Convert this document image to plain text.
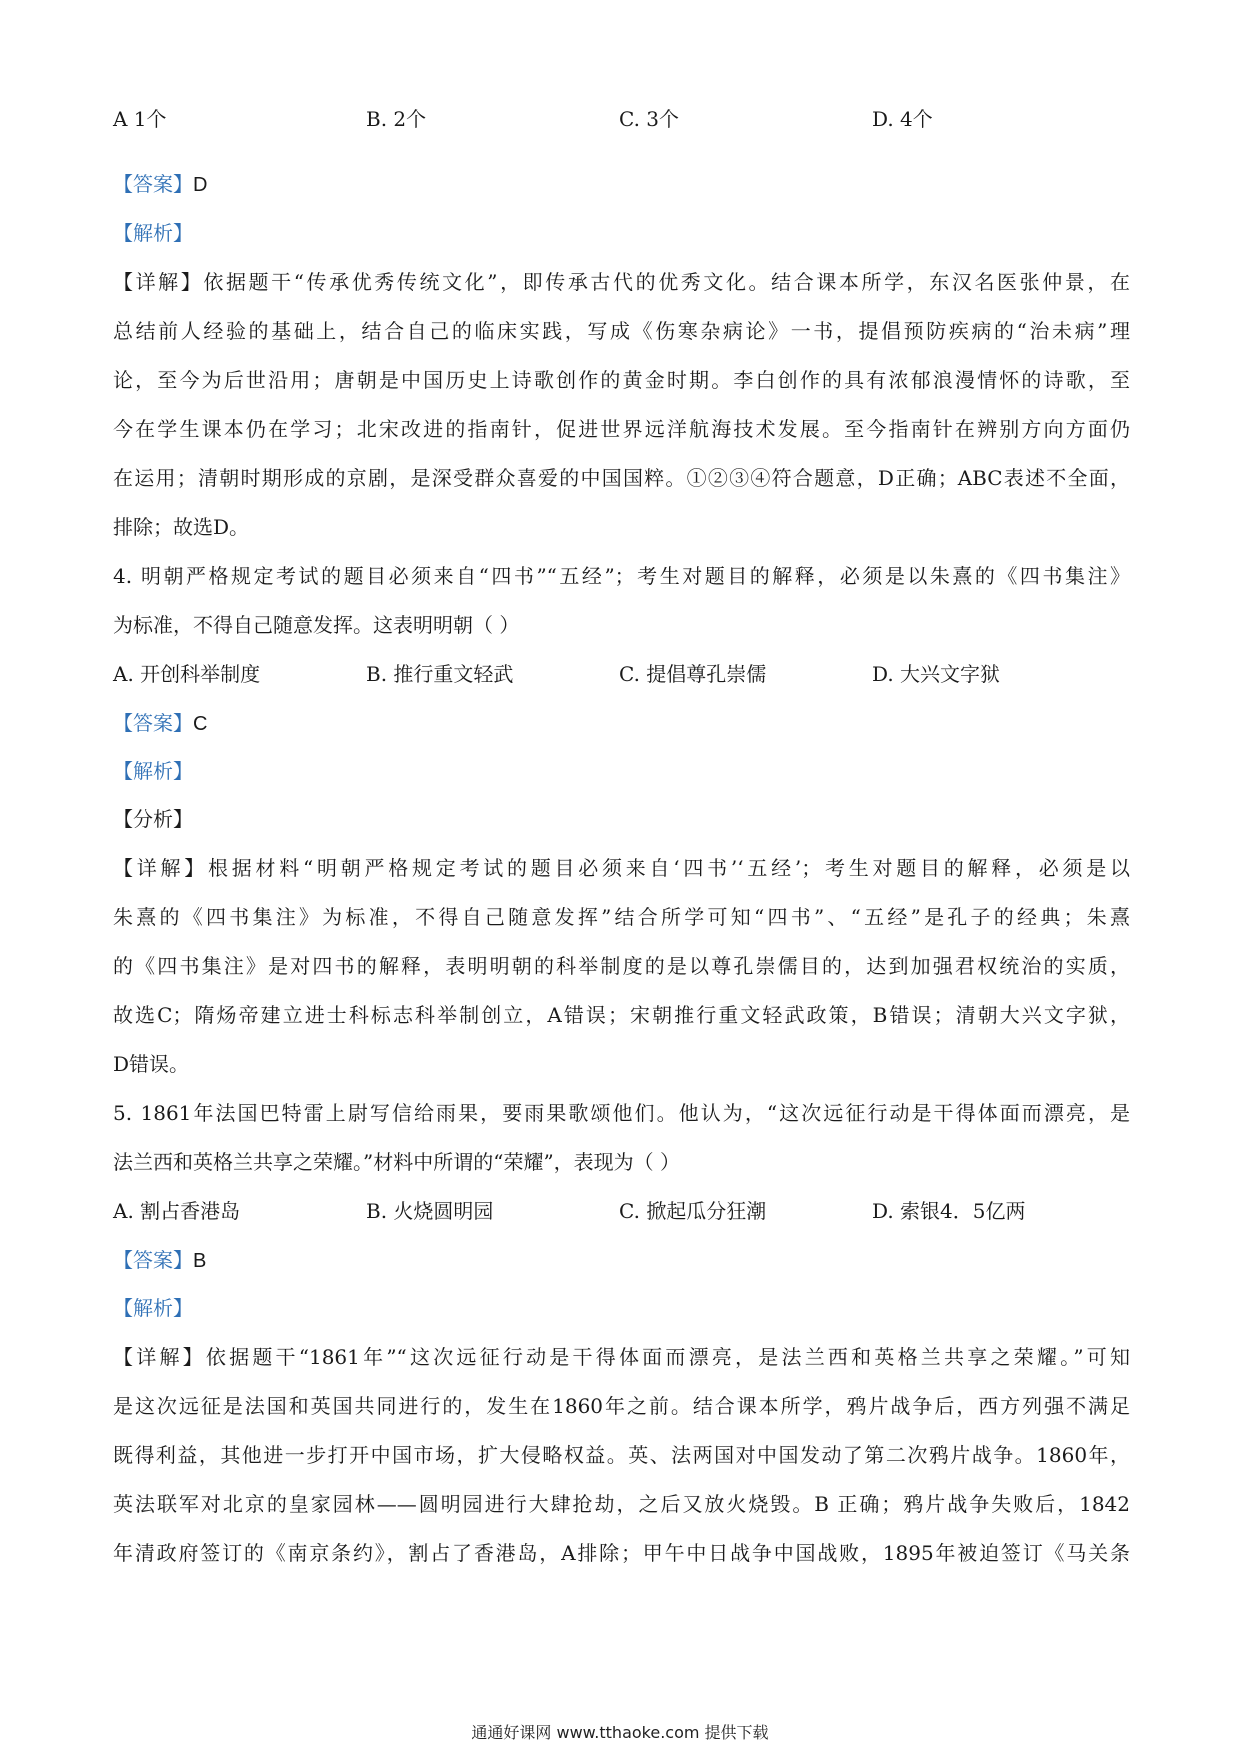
A 1个	B. 2个	C. 3个	D. 4个
【答案】D
【解析】
【详解】依据题干“传承优秀传统文化”，即传承古代的优秀文化。结合课本所学，东汉名医张仲景，在
总结前人经验的基础上，结合自己的临床实践，写成《伤寒杂病论》一书，提倡预防疾病的“治未病”理
论，至今为后世沿用；唐朝是中国历史上诗歌创作的黄金时期。李白创作的具有浓郁浪漫情怀的诗歌，至
今在学生课本仍在学习；北宋改进的指南针，促进世界远洋航海技术发展。至今指南针在辨别方向方面仍
在运用；清朝时期形成的京剧，是深受群众喜爱的中国国粹。①②③④符合题意，D正确；ABC表述不全面，
排除；故选D。
4. 明朝严格规定考试的题目必须来自“四书”“五经”；考生对题目的解释，必须是以朱熹的《四书集注》
为标准，不得自己随意发挥。这表明明朝（ ）
A. 开创科举制度	B. 推行重文轻武	C. 提倡尊孔崇儒	D. 大兴文字狱
【答案】C
【解析】
【分析】
【详解】根据材料“明朝严格规定考试的题目必须来自‘四书’‘五经’；考生对题目的解释，必须是以
朱熹的《四书集注》为标准，不得自己随意发挥”结合所学可知“四书”、“五经”是孔子的经典；朱熹
的《四书集注》是对四书的解释，表明明朝的科举制度的是以尊孔崇儒目的，达到加强君权统治的实质，
故选C；隋炀帝建立进士科标志科举制创立，A错误；宋朝推行重文轻武政策，B错误；清朝大兴文字狱，
D错误。
5. 1861年法国巴特雷上尉写信给雨果，要雨果歌颂他们。他认为，“这次远征行动是干得体面而漂亮，是
法兰西和英格兰共享之荣耀。”材料中所谓的“荣耀”，表现为（ ）
A. 割占香港岛	B. 火烧圆明园	C. 掀起瓜分狂潮	D. 索银4．5亿两
【答案】B
【解析】
【详解】依据题干“1861年”“这次远征行动是干得体面而漂亮，是法兰西和英格兰共享之荣耀。”可知
是这次远征是法国和英国共同进行的，发生在1860年之前。结合课本所学，鸦片战争后，西方列强不满足
既得利益，其他进一步打开中国市场，扩大侵略权益。英、法两国对中国发动了第二次鸦片战争。1860年，
英法联军对北京的皇家园林——圆明园进行大肆抢劫，之后又放火烧毁。B 正确；鸦片战争失败后，1842
年清政府签订的《南京条约》，割占了香港岛，A排除；甲午中日战争中国战败，1895年被迫签订《马关条
通通好课网 www.tthaoke.com 提供下载
